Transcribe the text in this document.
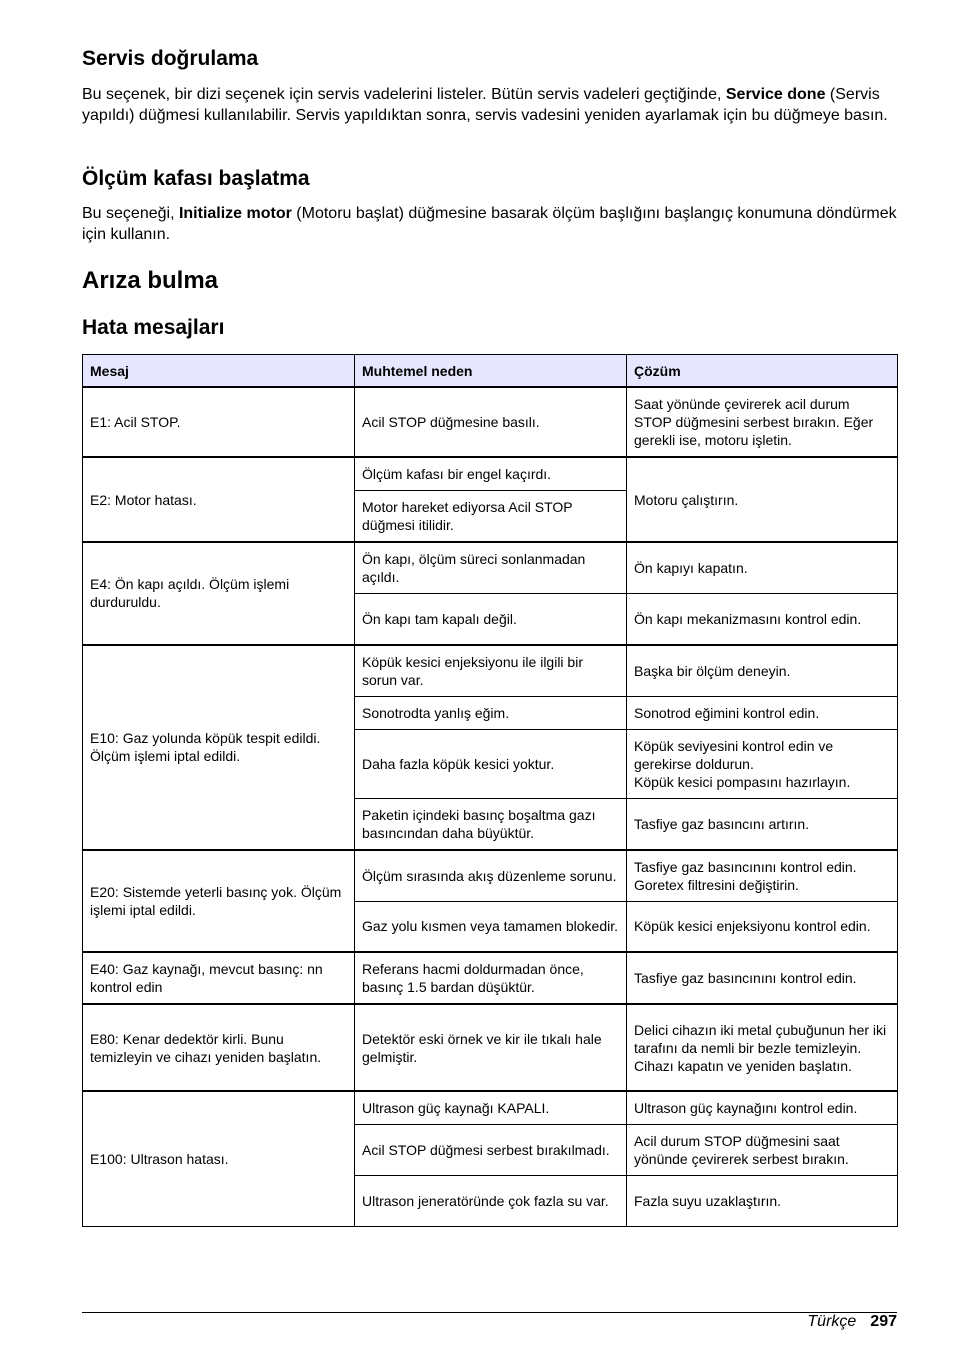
Servis doğrulama

Bu seçenek, bir dizi seçenek için servis vadelerini listeler. Bütün servis vadeleri geçtiğinde, Service done (Servis yapıldı) düğmesi kullanılabilir. Servis yapıldıktan sonra, servis vadesini yeniden ayarlamak için bu düğmeye basın.

Ölçüm kafası başlatma

Bu seçeneği, Initialize motor (Motoru başlat) düğmesine basarak ölçüm başlığını başlangıç konumuna döndürmek için kullanın.

Arıza bulma
Hata mesajları
Mesaj	Muhtemel neden	Çözüm
E1: Acil STOP.	Acil STOP düğmesine basılı.	Saat yönünde çevirerek acil durum STOP düğmesini serbest bırakın. Eğer gerekli ise, motoru işletin.
E2: Motor hatası.	Ölçüm kafası bir engel kaçırdı.	Motoru çalıştırın.
	Motor hareket ediyorsa Acil STOP düğmesi itilidir.	
E4: Ön kapı açıldı. Ölçüm işlemi durduruldu.	Ön kapı, ölçüm süreci sonlanmadan açıldı.	Ön kapıyı kapatın.
	Ön kapı tam kapalı değil.	Ön kapı mekanizmasını kontrol edin.
E10: Gaz yolunda köpük tespit edildi. Ölçüm işlemi iptal edildi.	Köpük kesici enjeksiyonu ile ilgili bir sorun var.	Başka bir ölçüm deneyin.
	Sonotrodta yanlış eğim.	Sonotrod eğimini kontrol edin.
	Daha fazla köpük kesici yoktur.	Köpük seviyesini kontrol edin ve gerekirse doldurun.
Köpük kesici pompasını hazırlayın.
	Paketin içindeki basınç boşaltma gazı basıncından daha büyüktür.	Tasfiye gaz basıncını artırın.
E20: Sistemde yeterli basınç yok. Ölçüm işlemi iptal edildi.	Ölçüm sırasında akış düzenleme sorunu.	Tasfiye gaz basıncınını kontrol edin. Goretex filtresini değiştirin.
	Gaz yolu kısmen veya tamamen blokedir.	Köpük kesici enjeksiyonu kontrol edin.
E40: Gaz kaynağı, mevcut basınç: nn kontrol edin	Referans hacmi doldurmadan önce, basınç 1.5 bardan düşüktür.	Tasfiye gaz basıncınını kontrol edin.
E80: Kenar dedektör kirli. Bunu temizleyin ve cihazı yeniden başlatın.	Detektör eski örnek ve kir ile tıkalı hale gelmiştir.	Delici cihazın iki metal çubuğunun her iki tarafını da nemli bir bezle temizleyin. Cihazı kapatın ve yeniden başlatın.
E100: Ultrason hatası.	Ultrason güç kaynağı KAPALI.	Ultrason güç kaynağını kontrol edin.
	Acil STOP düğmesi serbest bırakılmadı.	Acil durum STOP düğmesini saat yönünde çevirerek serbest bırakın.
	Ultrason jeneratöründe çok fazla su var.	Fazla suyu uzaklaştırın.
Türkçe 297
